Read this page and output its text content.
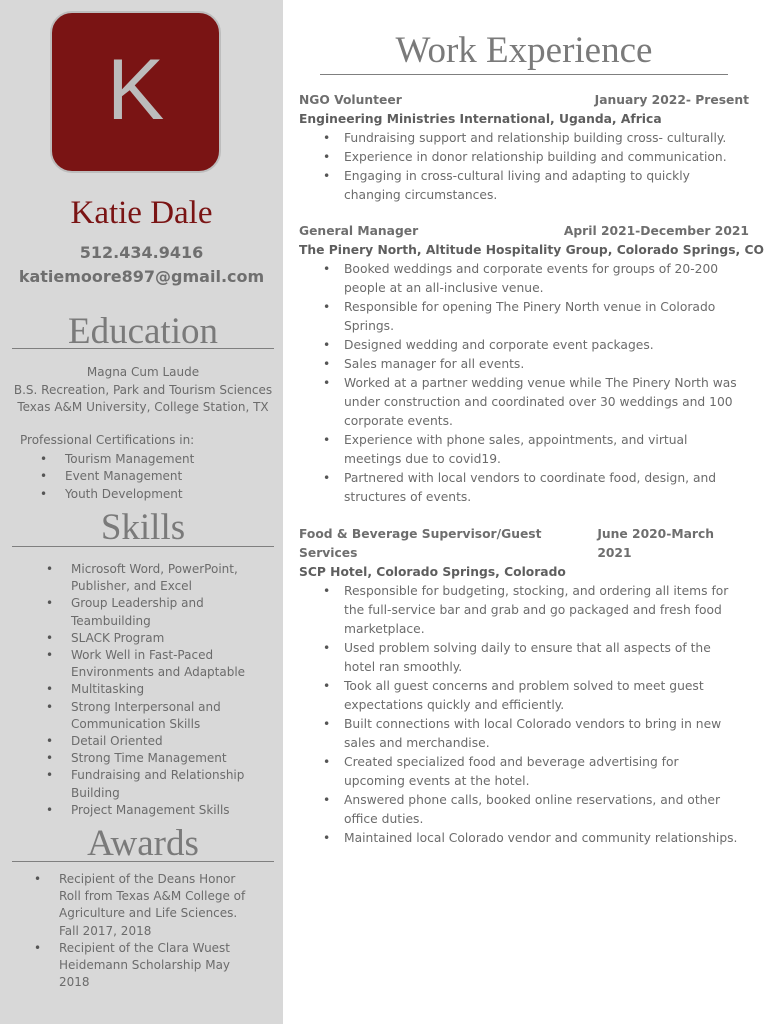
K
Katie Dale
512.434.9416
katiemoore897@gmail.com
Education
Magna Cum Laude
B.S. Recreation, Park and Tourism Sciences
Texas A&M University, College Station, TX
Professional Certifications in:
• Tourism Management
• Event Management
• Youth Development
Skills
• Microsoft Word, PowerPoint, Publisher, and Excel
• Group Leadership and Teambuilding
• SLACK Program
• Work Well in Fast-Paced Environments and Adaptable
• Multitasking
• Strong Interpersonal and Communication Skills
• Detail Oriented
• Strong Time Management
• Fundraising and Relationship Building
• Project Management Skills
Awards
• Recipient of the Deans Honor Roll from Texas A&M College of Agriculture and Life Sciences. Fall 2017, 2018
• Recipient of the Clara Wuest Heidemann Scholarship May 2018
Work Experience
NGO Volunteer	January 2022- Present
Engineering Ministries International, Uganda, Africa
• Fundraising support and relationship building cross- culturally.
• Experience in donor relationship building and communication.
• Engaging in cross-cultural living and adapting to quickly changing circumstances.
General Manager	April 2021-December 2021
The Pinery North, Altitude Hospitality Group, Colorado Springs, CO
• Booked weddings and corporate events for groups of 20-200 people at an all-inclusive venue.
• Responsible for opening The Pinery North venue in Colorado Springs.
• Designed wedding and corporate event packages.
• Sales manager for all events.
• Worked at a partner wedding venue while The Pinery North was under construction and coordinated over 30 weddings and 100 corporate events.
• Experience with phone sales, appointments, and virtual meetings due to covid19.
• Partnered with local vendors to coordinate food, design, and structures of events.
Food & Beverage Supervisor/Guest Services
June 2020-March 2021
SCP Hotel, Colorado Springs, Colorado
• Responsible for budgeting, stocking, and ordering all items for the full-service bar and grab and go packaged and fresh food marketplace.
• Used problem solving daily to ensure that all aspects of the hotel ran smoothly.
• Took all guest concerns and problem solved to meet guest expectations quickly and efficiently.
• Built connections with local Colorado vendors to bring in new sales and merchandise.
• Created specialized food and beverage advertising for upcoming events at the hotel.
• Answered phone calls, booked online reservations, and other office duties.
• Maintained local Colorado vendor and community relationships.
